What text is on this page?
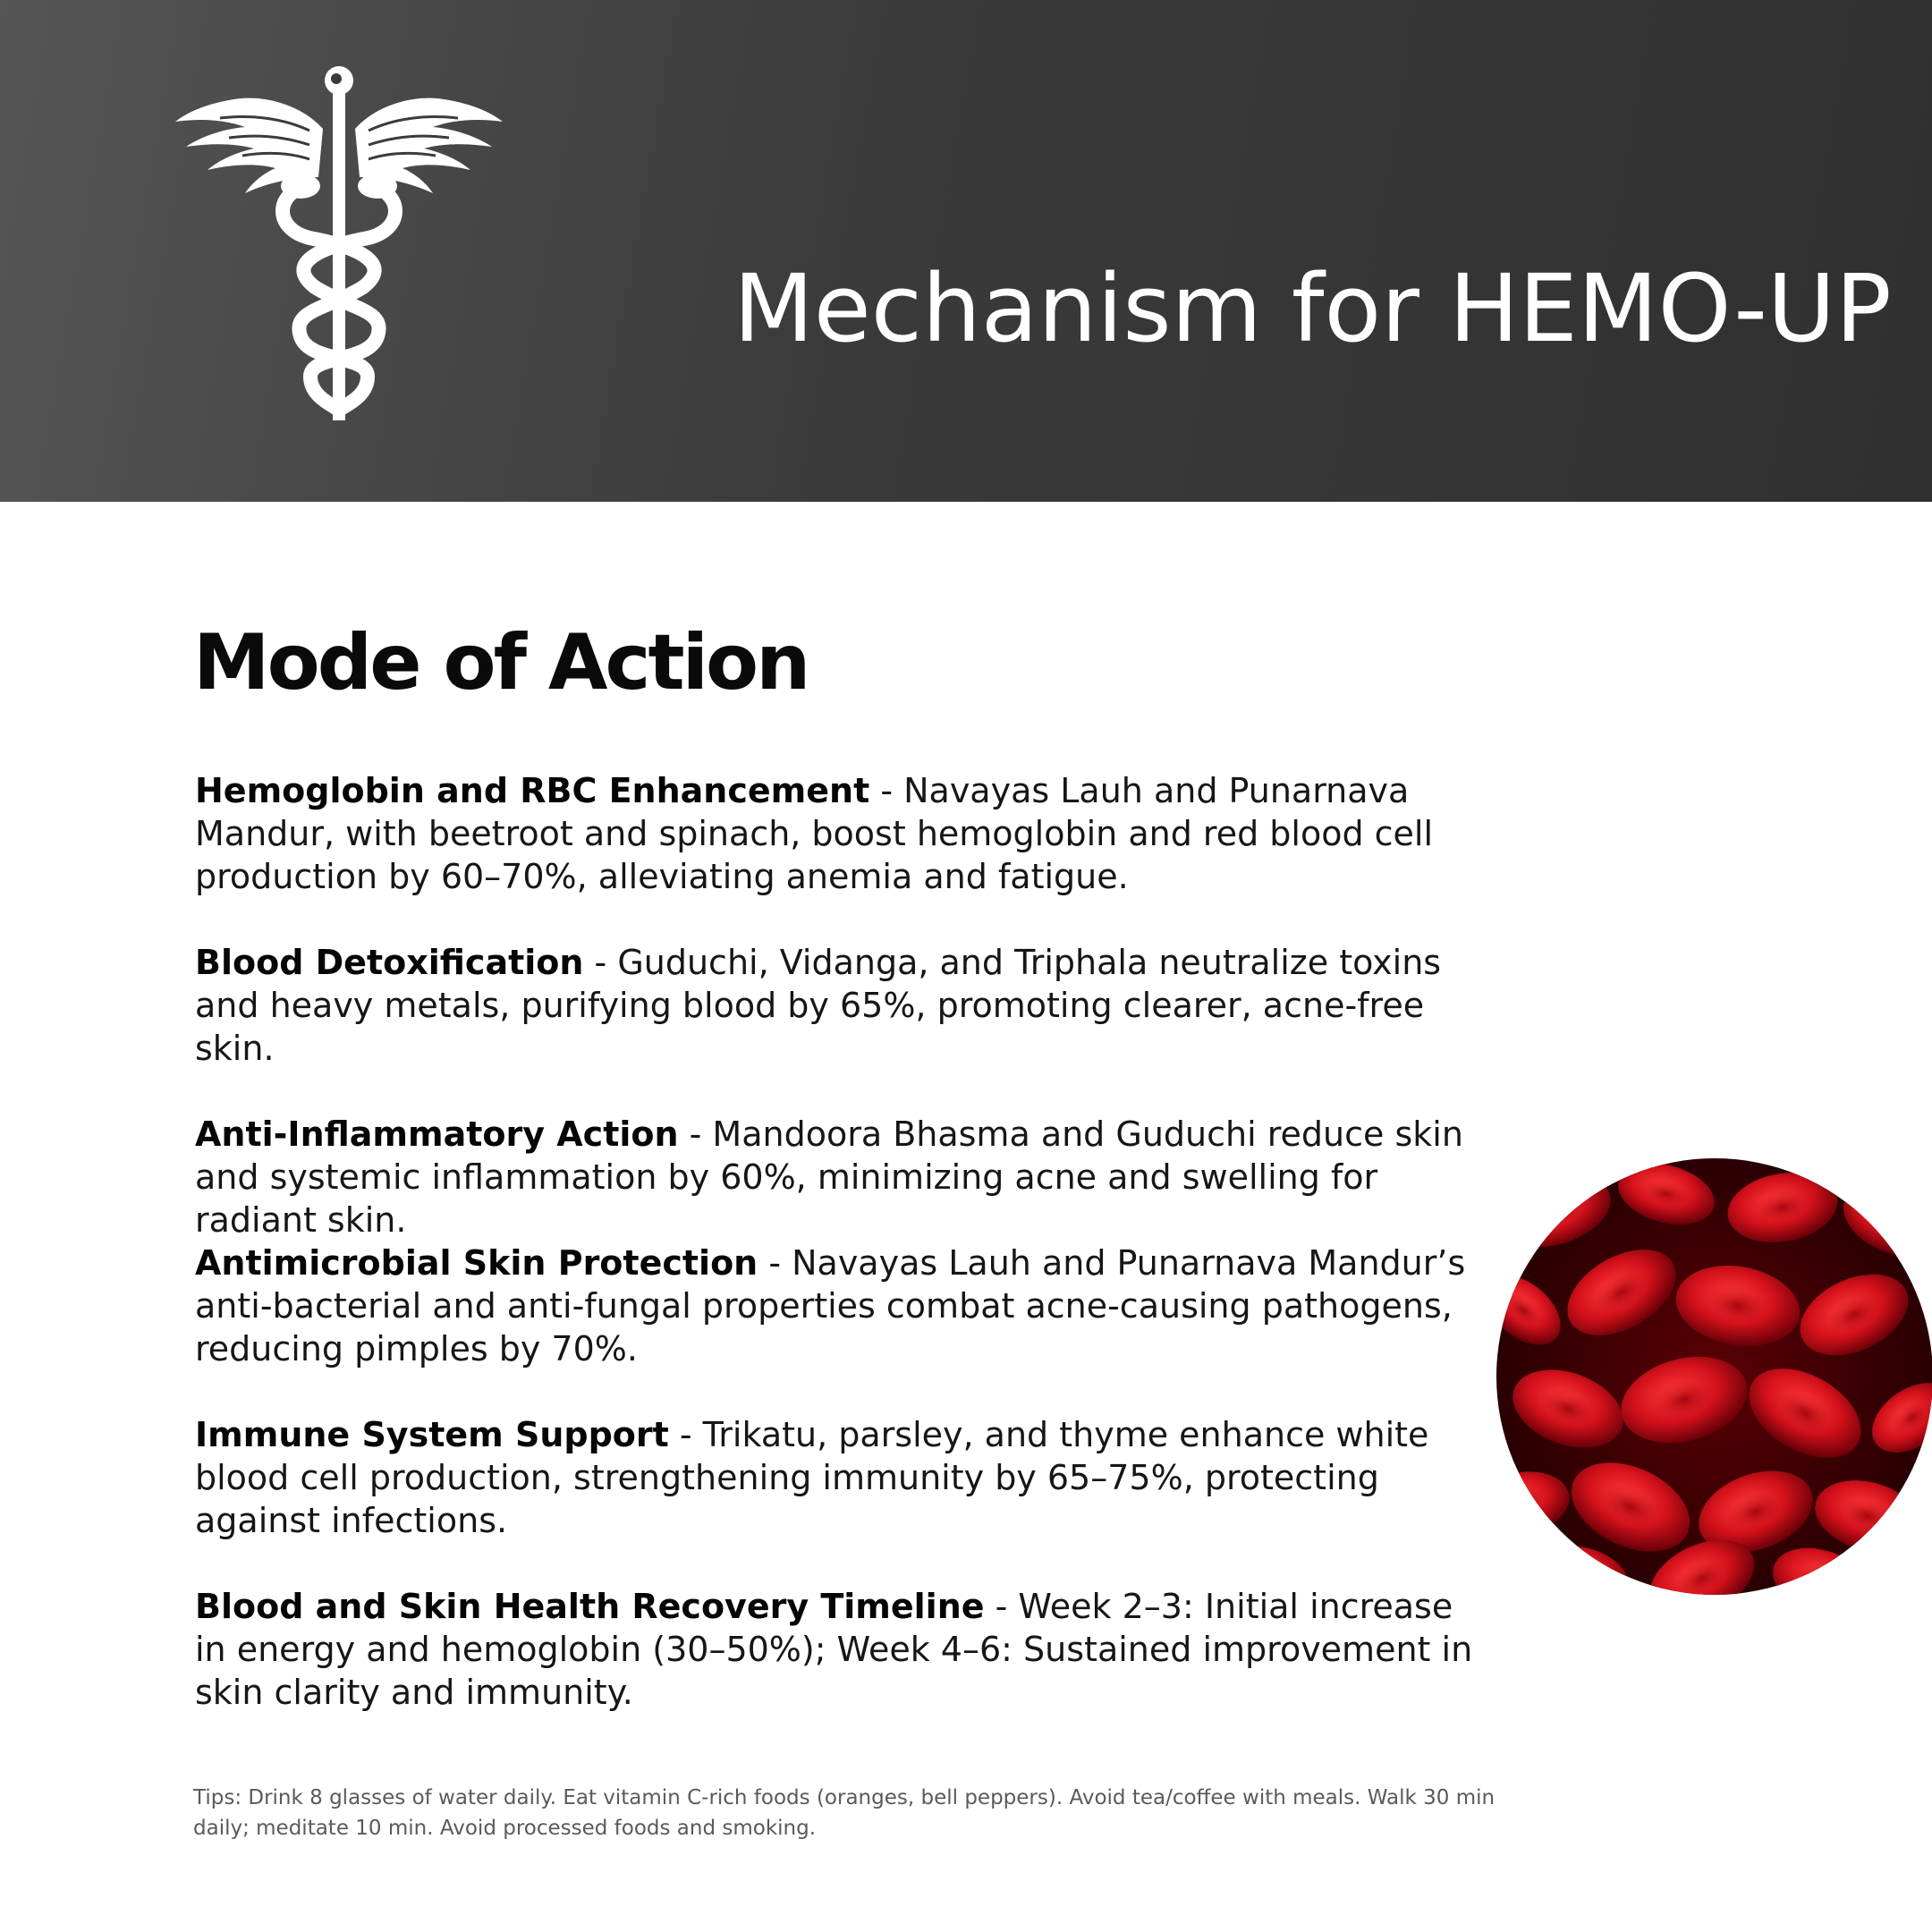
Mechanism for HEMO-UP
Mode of Action

Hemoglobin and RBC Enhancement - Navayas Lauh and Punarnava Mandur, with beetroot and spinach, boost hemoglobin and red blood cell production by 60–70%, alleviating anemia and fatigue.

Blood Detoxification - Guduchi, Vidanga, and Triphala neutralize toxins and heavy metals, purifying blood by 65%, promoting clearer, acne-free skin.

Anti-Inflammatory Action - Mandoora Bhasma and Guduchi reduce skin and systemic inflammation by 60%, minimizing acne and swelling for radiant skin.

Antimicrobial Skin Protection - Navayas Lauh and Punarnava Mandur’s anti-bacterial and anti-fungal properties combat acne-causing pathogens, reducing pimples by 70%.

Immune System Support - Trikatu, parsley, and thyme enhance white blood cell production, strengthening immunity by 65–75%, protecting against infections.

Blood and Skin Health Recovery Timeline - Week 2–3: Initial increase in energy and hemoglobin (30–50%); Week 4–6: Sustained improvement in skin clarity and immunity.

Tips: Drink 8 glasses of water daily. Eat vitamin C-rich foods (oranges, bell peppers). Avoid tea/coffee with meals. Walk 30 min daily; meditate 10 min. Avoid processed foods and smoking.
